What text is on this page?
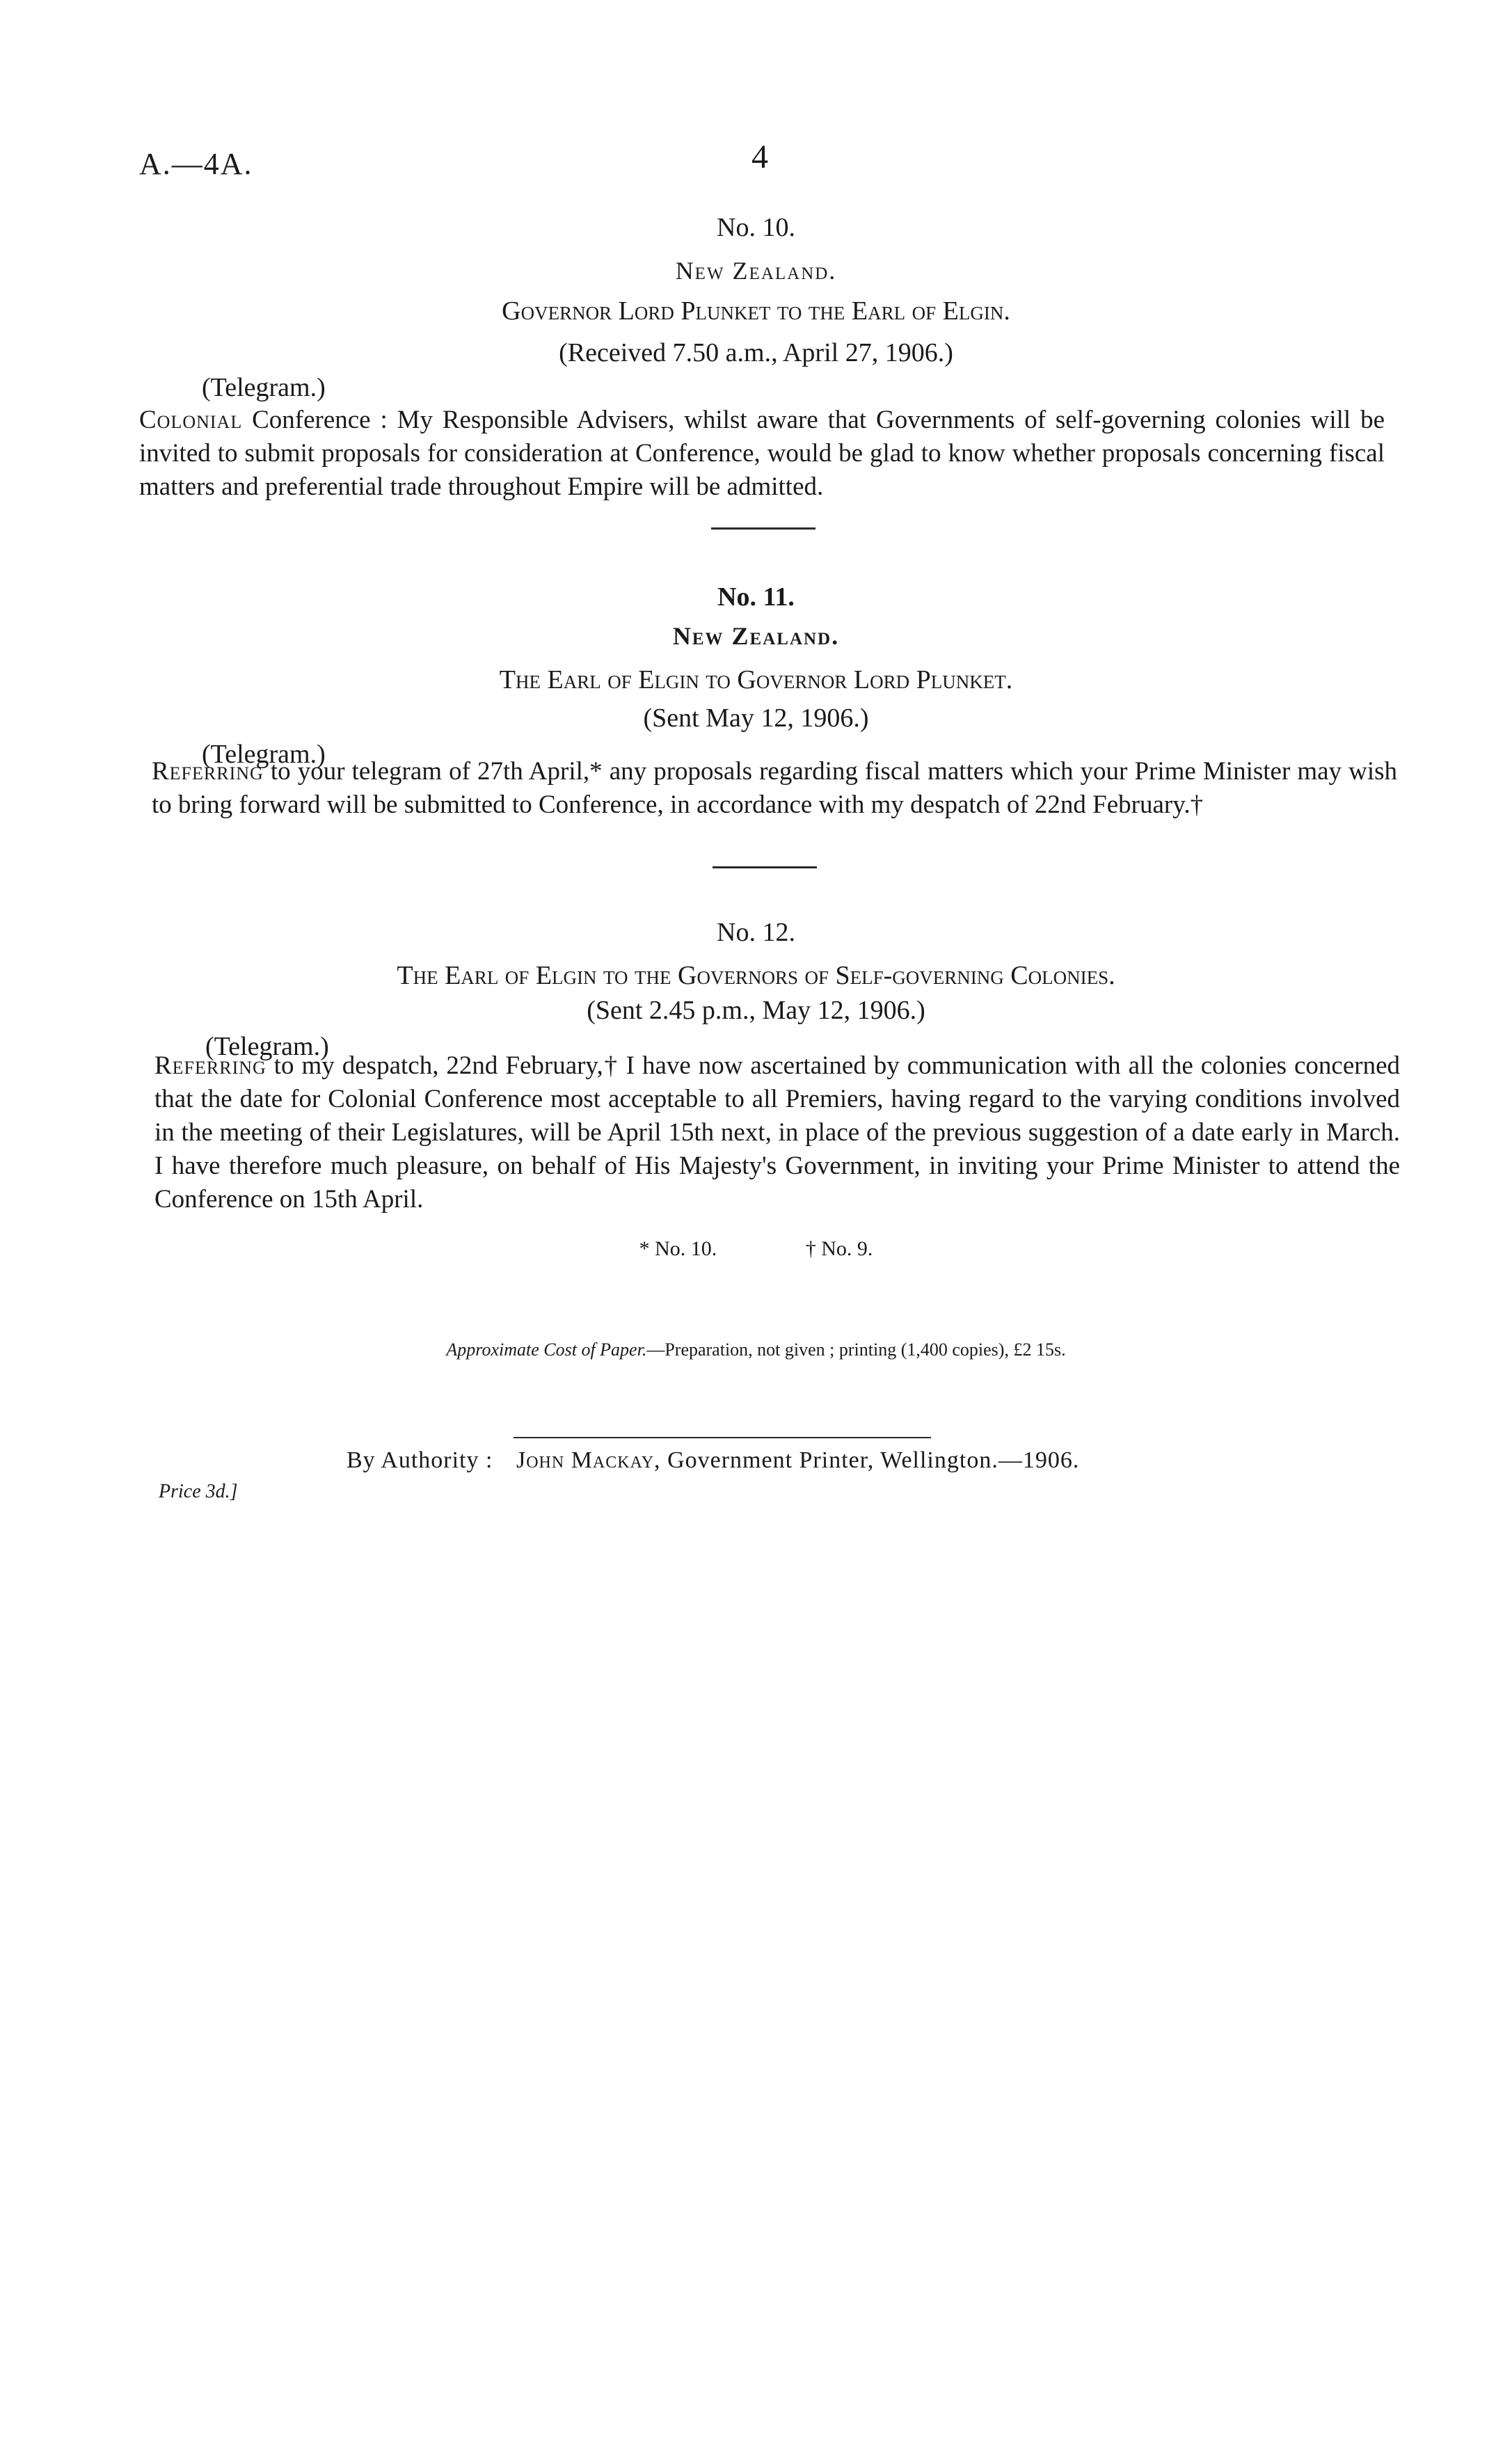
A.—4A.	4
No. 10.
New Zealand.
Governor Lord Plunket to the Earl of Elgin.
(Received 7.50 a.m., April 27, 1906.)
(Telegram.)
Colonial Conference : My Responsible Advisers, whilst aware that Governments of self-governing colonies will be invited to submit proposals for consideration at Conference, would be glad to know whether proposals concerning fiscal matters and preferential trade throughout Empire will be admitted.
No. 11.
New Zealand.
The Earl of Elgin to Governor Lord Plunket.
(Sent May 12, 1906.)
(Telegram.)
Referring to your telegram of 27th April,* any proposals regarding fiscal matters which your Prime Minister may wish to bring forward will be submitted to Conference, in accordance with my despatch of 22nd February.†
No. 12.
The Earl of Elgin to the Governors of Self-governing Colonies.
(Sent 2.45 p.m., May 12, 1906.)
(Telegram.)
Referring to my despatch, 22nd February,† I have now ascertained by communication with all the colonies concerned that the date for Colonial Conference most acceptable to all Premiers, having regard to the varying conditions involved in the meeting of their Legislatures, will be April 15th next, in place of the previous suggestion of a date early in March. I have therefore much pleasure, on behalf of His Majesty's Government, in inviting your Prime Minister to attend the Conference on 15th April.
* No. 10.	† No. 9.
Approximate Cost of Paper.—Preparation, not given ; printing (1,400 copies), £2 15s.
By Authority : John Mackay, Government Printer, Wellington.—1906.
Price 3d.]
